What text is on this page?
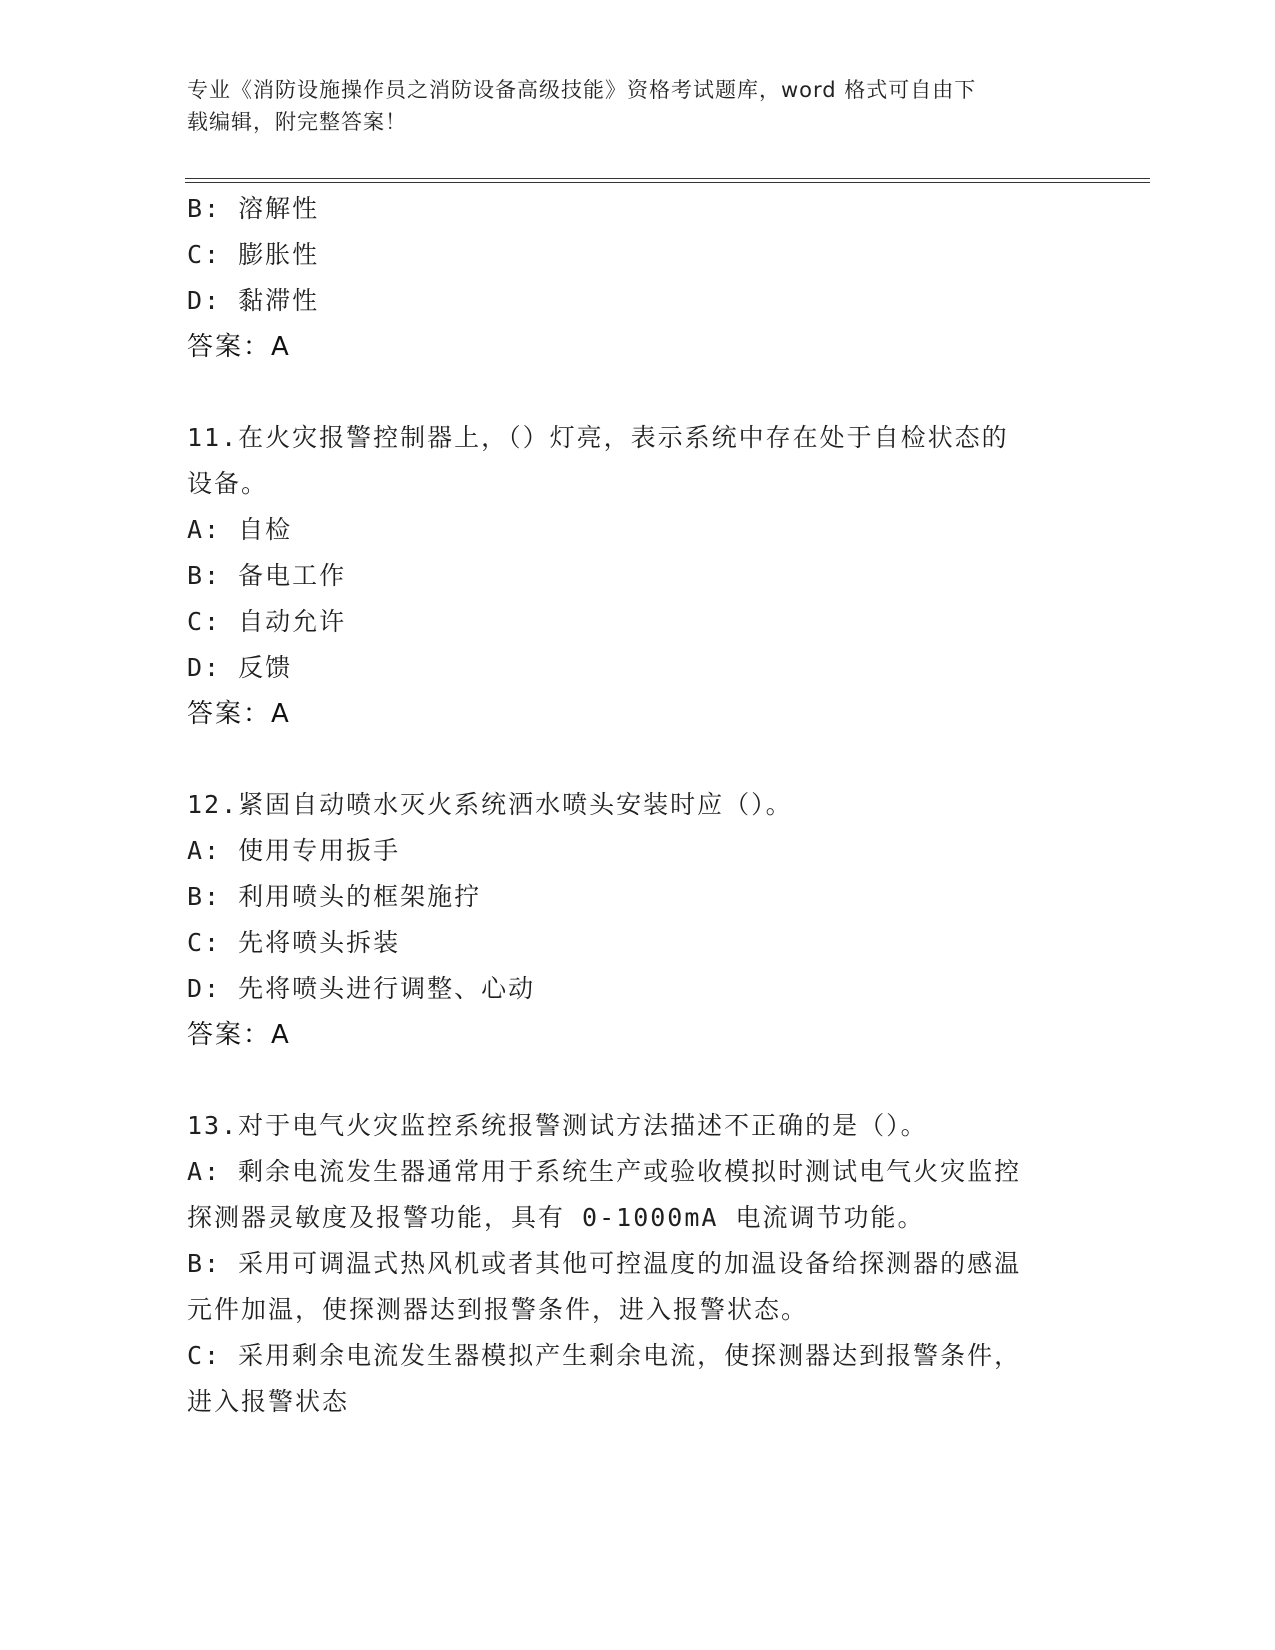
专业《消防设施操作员之消防设备高级技能》资格考试题库，word 格式可自由下
载编辑，附完整答案！
B: 溶解性
C: 膨胀性
D: 黏滞性
答案：A
11.在火灾报警控制器上，（）灯亮，表示系统中存在处于自检状态的
设备。
A: 自检
B: 备电工作
C: 自动允许
D: 反馈
答案：A
12.紧固自动喷水灭火系统洒水喷头安装时应（）。
A: 使用专用扳手
B: 利用喷头的框架施拧
C: 先将喷头拆装
D: 先将喷头进行调整、心动
答案：A
13.对于电气火灾监控系统报警测试方法描述不正确的是（）。
A: 剩余电流发生器通常用于系统生产或验收模拟时测试电气火灾监控
探测器灵敏度及报警功能，具有 0-1000mA 电流调节功能。
B: 采用可调温式热风机或者其他可控温度的加温设备给探测器的感温
元件加温，使探测器达到报警条件，进入报警状态。
C: 采用剩余电流发生器模拟产生剩余电流，使探测器达到报警条件，
进入报警状态
